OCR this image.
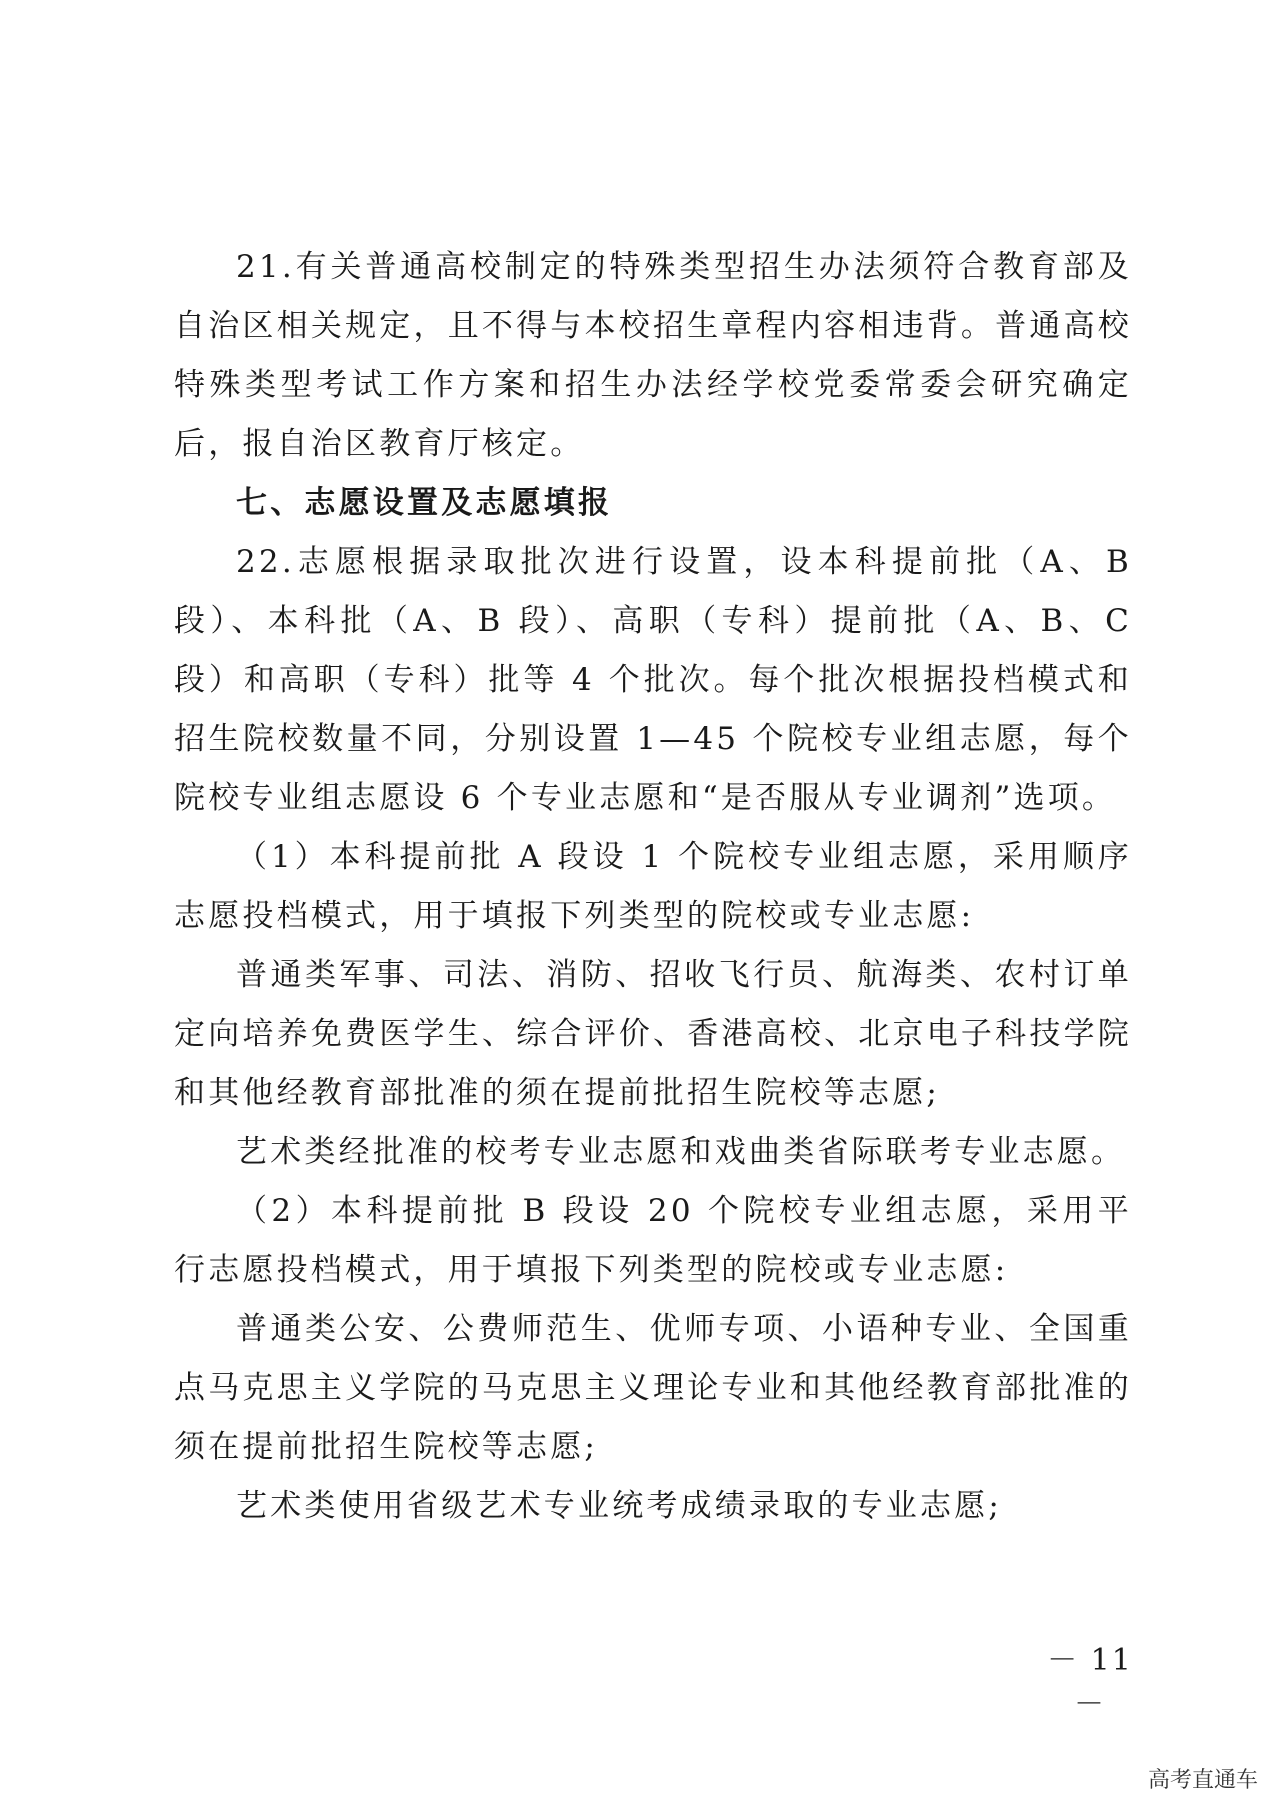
21.有关普通高校制定的特殊类型招生办法须符合教育部及自治区相关规定，且不得与本校招生章程内容相违背。普通高校特殊类型考试工作方案和招生办法经学校党委常委会研究确定后，报自治区教育厅核定。

七、志愿设置及志愿填报

22.志愿根据录取批次进行设置，设本科提前批（A、B 段）、本科批（A、B 段）、高职（专科）提前批（A、B、C 段）和高职（专科）批等 4 个批次。每个批次根据投档模式和招生院校数量不同，分别设置 1—45 个院校专业组志愿，每个院校专业组志愿设 6 个专业志愿和“是否服从专业调剂”选项。

（1）本科提前批 A 段设 1 个院校专业组志愿，采用顺序志愿投档模式，用于填报下列类型的院校或专业志愿:

普通类军事、司法、消防、招收飞行员、航海类、农村订单定向培养免费医学生、综合评价、香港高校、北京电子科技学院和其他经教育部批准的须在提前批招生院校等志愿;

艺术类经批准的校考专业志愿和戏曲类省际联考专业志愿。

（2）本科提前批 B 段设 20 个院校专业组志愿，采用平行志愿投档模式，用于填报下列类型的院校或专业志愿:

普通类公安、公费师范生、优师专项、小语种专业、全国重点马克思主义学院的马克思主义理论专业和其他经教育部批准的须在提前批招生院校等志愿;

艺术类使用省级艺术专业统考成绩录取的专业志愿;

－ 11 －
高考直通车
